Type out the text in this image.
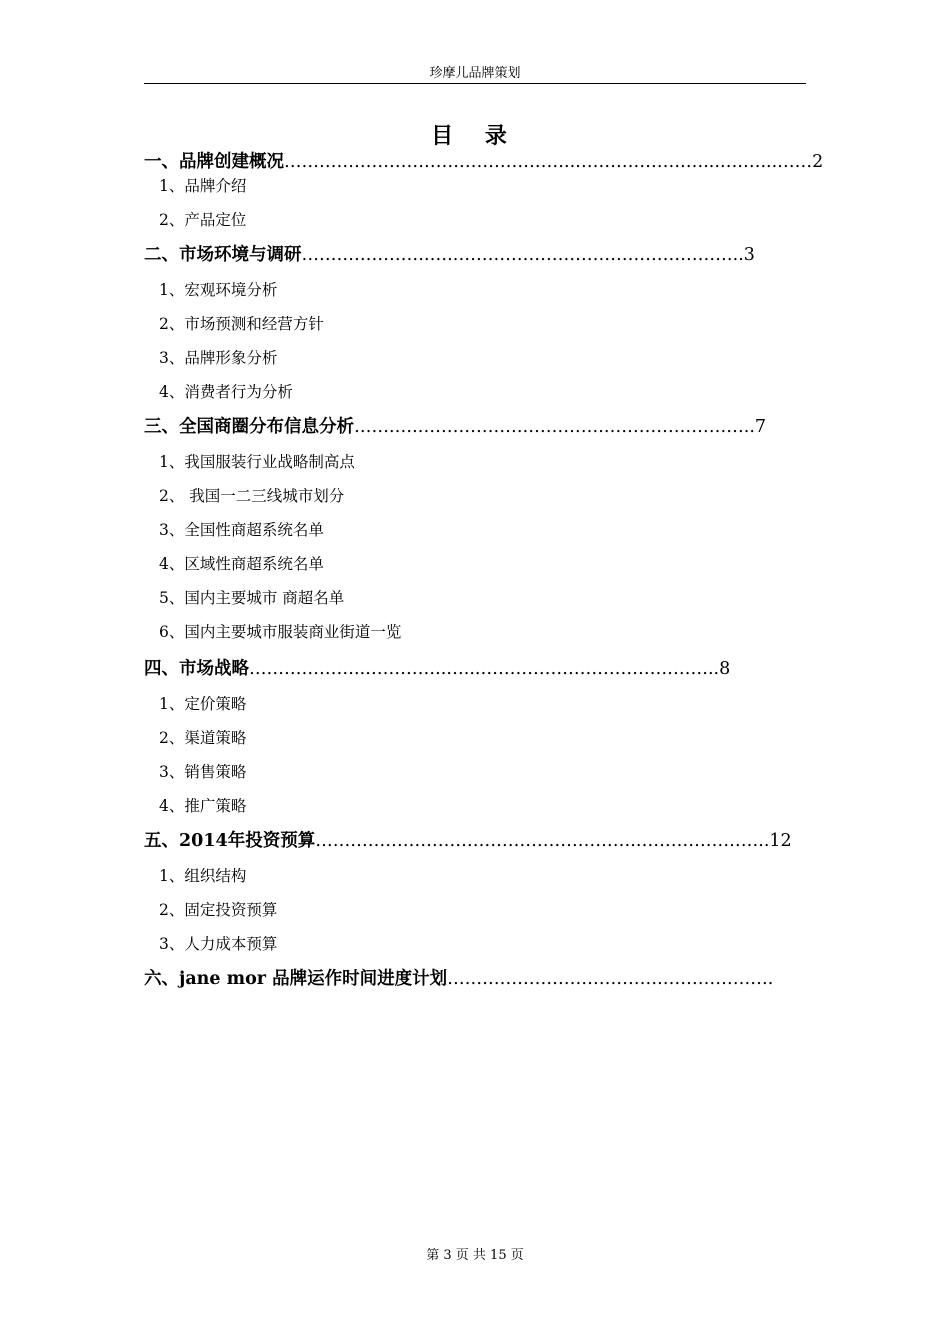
珍摩儿品牌策划
目 录
一、品牌创建概况…………………………………………..……………….…...….…...……2
1、品牌介绍
2、产品定位
二、市场环境与调研………………….….…………………………………………..3
1、宏观环境分析
2、市场预测和经营方针
3、品牌形象分析
4、消费者行为分析
三、全国商圈分布信息分析…….….……………….………….……………………..7
1、我国服装行业战略制高点
2、 我国一二三线城市划分
3、全国性商超系统名单
4、区域性商超系统名单
5、国内主要城市 商超名单
6、国内主要城市服装商业街道一览
四、市场战略………………..…………..…...…………………………………..8
1、定价策略
2、渠道策略
3、销售策略
4、推广策略
五、2014年投资预算……………………………………………….…………………..12
1、组织结构
2、固定投资预算
3、人力成本预算
六、jane mor 品牌运作时间进度计划……………………………….……………….
第 3 页 共 15 页
